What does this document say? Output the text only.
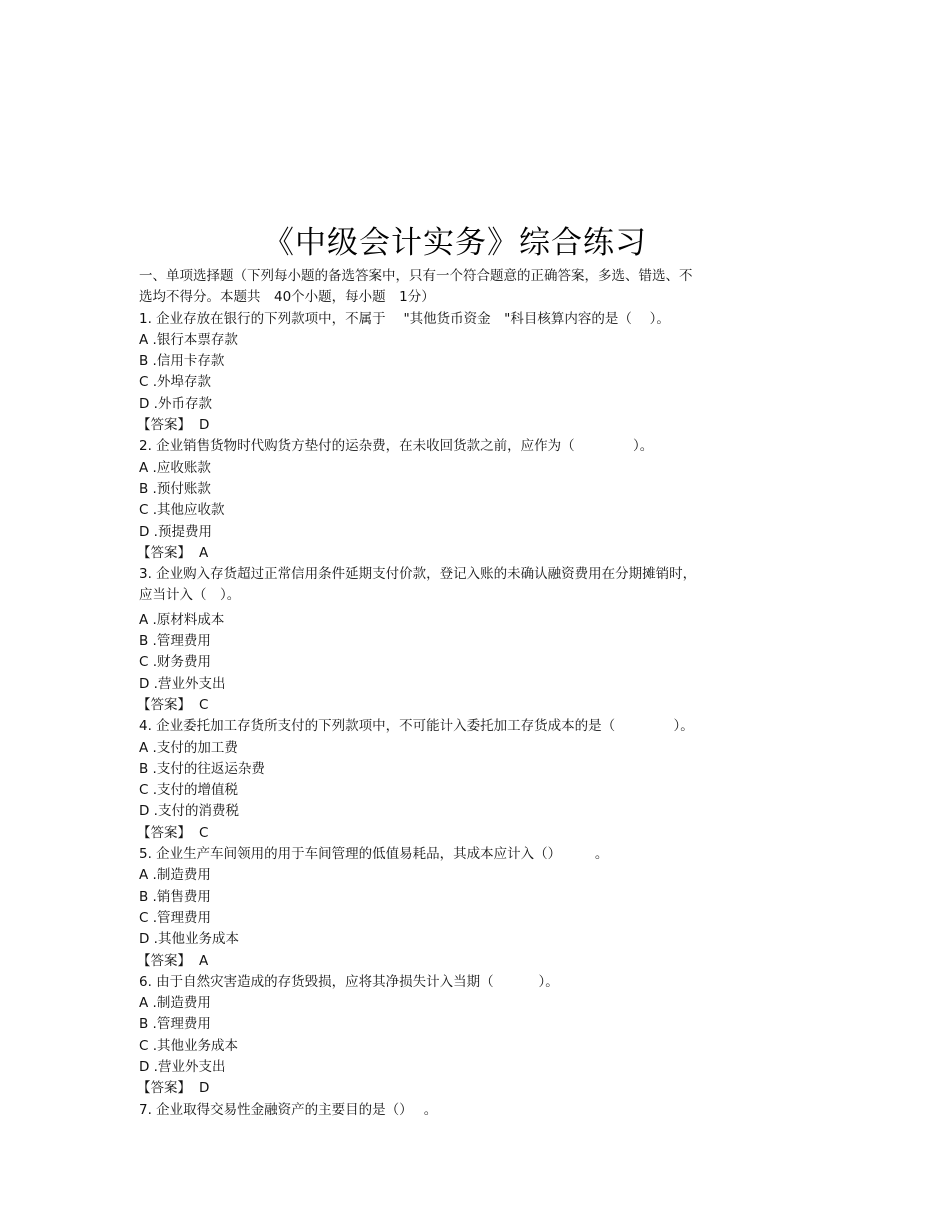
《中级会计实务》综合练习

一、单项选择题（下列每小题的备选答案中，只有一个符合题意的正确答案，多选、错选、不

选均不得分。本题共　40个小题，每小题　1分）

1. 企业存放在银行的下列款项中，不属于　 "其他货币资金　"科目核算内容的是（　 ）。

A .银行本票存款

B .信用卡存款

C .外埠存款

D .外币存款

【答案】 D

2. 企业销售货物时代购货方垫付的运杂费，在未收回货款之前，应作为（　　　　 ）。

A .应收账款

B .预付账款

C .其他应收款

D .预提费用

【答案】 A

3. 企业购入存货超过正常信用条件延期支付价款，登记入账的未确认融资费用在分期摊销时，

应当计入（　）。

A .原材料成本

B .管理费用

C .财务费用

D .营业外支出

【答案】 C

4. 企业委托加工存货所支付的下列款项中，不可能计入委托加工存货成本的是（　　　　 ）。

A .支付的加工费

B .支付的往返运杂费

C .支付的增值税

D .支付的消费税

【答案】 C

5. 企业生产车间领用的用于车间管理的低值易耗品，其成本应计入（）　　　。

A .制造费用

B .销售费用

C .管理费用

D .其他业务成本

【答案】 A

6. 由于自然灾害造成的存货毁损，应将其净损失计入当期（　　　 ）。

A .制造费用

B .管理费用

C .其他业务成本

D .营业外支出

【答案】 D

7. 企业取得交易性金融资产的主要目的是（）　 。
